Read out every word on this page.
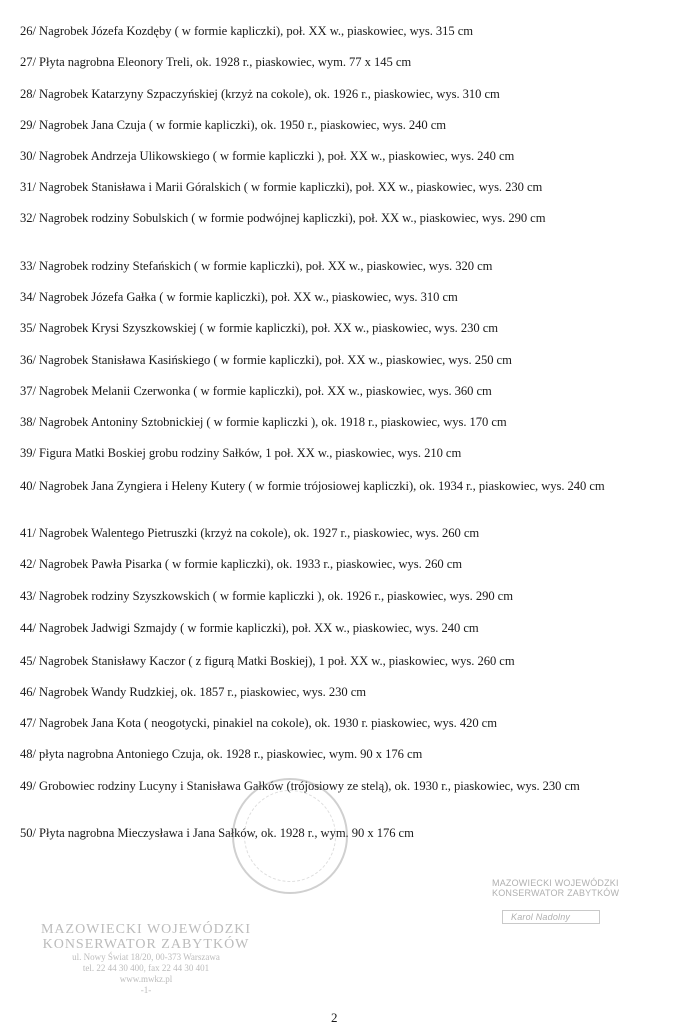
26/ Nagrobek Józefa Kozdęby ( w formie kapliczki), poł. XX w., piaskowiec, wys. 315 cm
27/ Płyta nagrobna Eleonory Treli, ok. 1928 r., piaskowiec, wym. 77 x 145 cm
28/ Nagrobek Katarzyny Szpaczyńskiej (krzyż na cokole), ok. 1926 r., piaskowiec, wys. 310 cm
29/ Nagrobek Jana Czuja ( w formie kapliczki), ok. 1950 r., piaskowiec, wys. 240 cm
30/ Nagrobek Andrzeja Ulikowskiego ( w formie kapliczki ), poł. XX w., piaskowiec, wys. 240 cm
31/ Nagrobek Stanisława i Marii Góralskich ( w formie kapliczki), poł. XX w., piaskowiec, wys. 230 cm
32/ Nagrobek rodziny Sobulskich ( w formie podwójnej kapliczki), poł. XX w., piaskowiec, wys. 290 cm
33/ Nagrobek rodziny Stefańskich ( w formie kapliczki), poł. XX w., piaskowiec, wys. 320 cm
34/ Nagrobek Józefa Gałka ( w formie kapliczki), poł. XX w., piaskowiec, wys. 310 cm
35/ Nagrobek Krysi Szyszkowskiej ( w formie kapliczki), poł. XX w., piaskowiec, wys. 230 cm
36/ Nagrobek Stanisława Kasińskiego ( w formie kapliczki), poł. XX w., piaskowiec, wys. 250 cm
37/ Nagrobek Melanii Czerwonka ( w formie kapliczki), poł. XX w., piaskowiec, wys. 360 cm
38/ Nagrobek Antoniny Sztobnickiej ( w formie kapliczki ), ok. 1918 r., piaskowiec, wys. 170 cm
39/ Figura Matki Boskiej grobu rodziny Sałków, 1 poł. XX w., piaskowiec, wys. 210 cm
40/ Nagrobek Jana Zyngiera i Heleny Kutery ( w formie trójosiowej kapliczki), ok. 1934 r., piaskowiec, wys. 240 cm
41/ Nagrobek Walentego Pietruszki (krzyż na cokole), ok. 1927 r., piaskowiec, wys. 260 cm
42/ Nagrobek Pawła Pisarka ( w formie kapliczki), ok. 1933 r., piaskowiec, wys. 260 cm
43/ Nagrobek rodziny Szyszkowskich ( w formie kapliczki ), ok. 1926 r., piaskowiec, wys. 290 cm
44/ Nagrobek Jadwigi Szmajdy ( w formie kapliczki), poł. XX w., piaskowiec, wys. 240 cm
45/ Nagrobek Stanisławy Kaczor ( z figurą Matki Boskiej), 1 poł. XX w., piaskowiec, wys. 260 cm
46/ Nagrobek Wandy Rudzkiej, ok. 1857 r., piaskowiec, wys. 230 cm
47/ Nagrobek Jana Kota ( neogotycki, pinakiel na cokole), ok. 1930 r. piaskowiec, wys. 420 cm
48/ płyta nagrobna Antoniego Czuja, ok. 1928 r., piaskowiec, wym. 90 x 176 cm
49/ Grobowiec rodziny Lucyny i Stanisława Gałków (trójosiowy ze stelą), ok. 1930 r., piaskowiec, wys. 230 cm
50/ Płyta nagrobna Mieczysława i Jana Sałków, ok. 1928 r., wym. 90 x 176 cm
MAZOWIECKI WOJEWÓDZKI
KONSERWATOR ZABYTKÓW
Karol Nadolny
MAZOWIECKI WOJEWÓDZKI
KONSERWATOR ZABYTKÓW
ul. Nowy Świat 18/20, 00-373 Warszawa
tel. 22 44 30 400, fax 22 44 30 401
www.mwkz.pl
-1-
2
